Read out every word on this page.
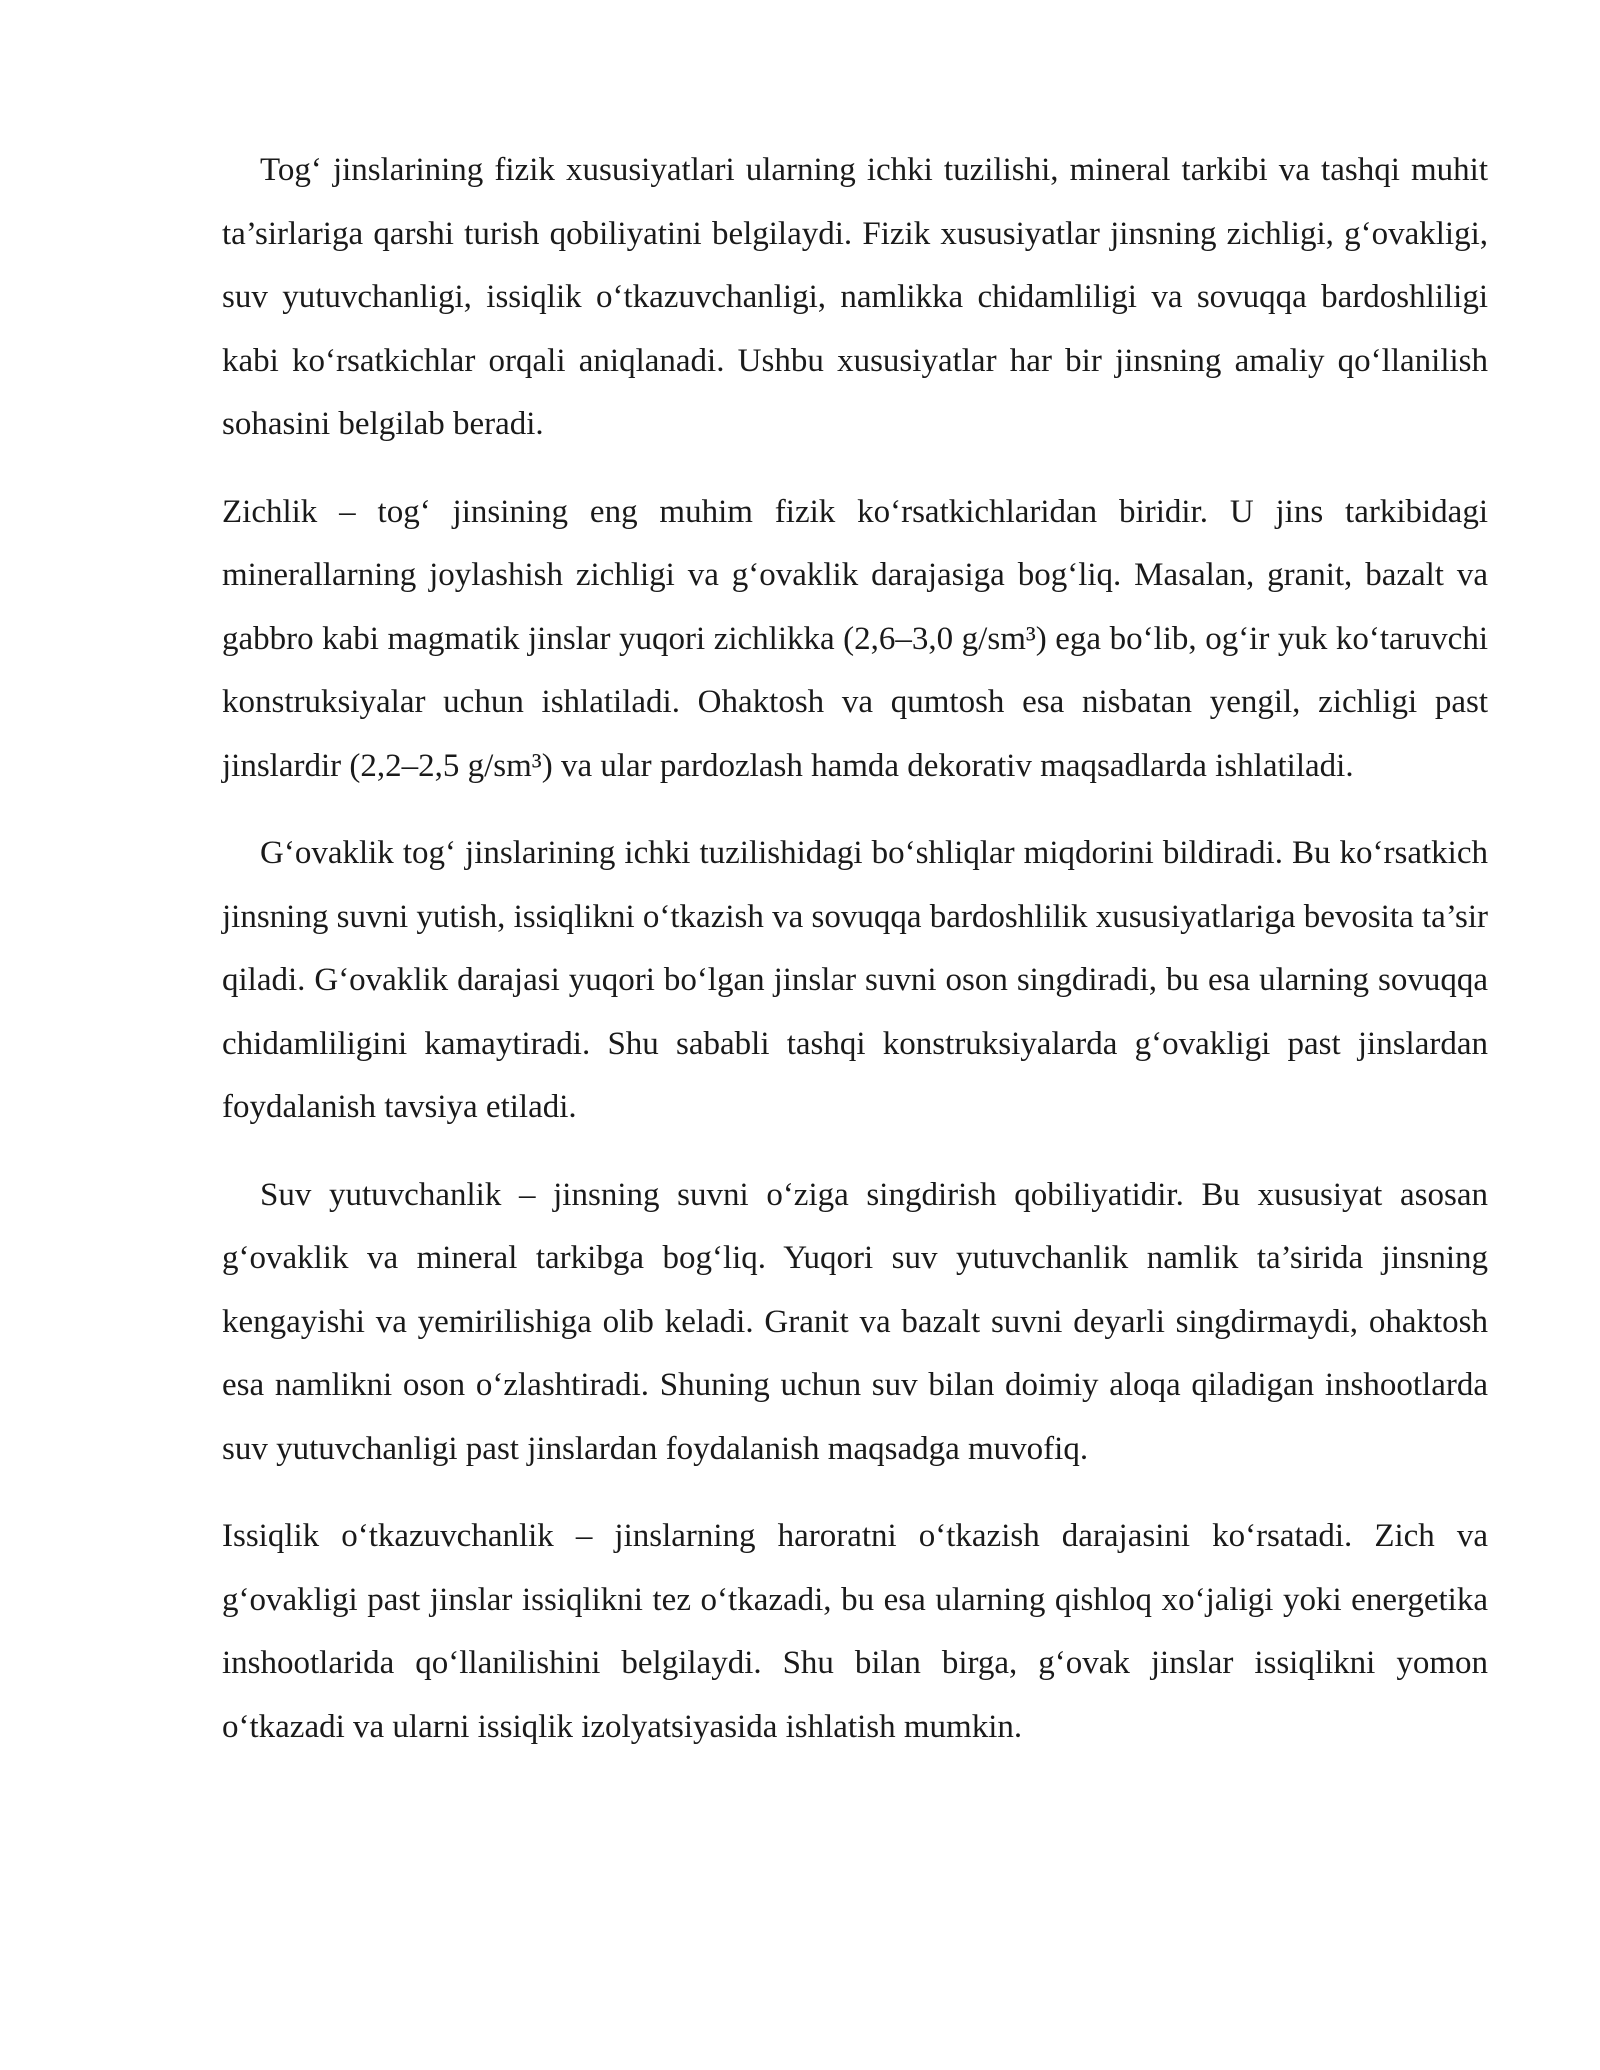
Tog‘ jinslarining fizik xususiyatlari ularning ichki tuzilishi, mineral tarkibi va tashqi muhit ta’sirlariga qarshi turish qobiliyatini belgilaydi. Fizik xususiyatlar jinsning zichligi, g‘ovakligi, suv yutuvchanligi, issiqlik o‘tkazuvchanligi, namlikka chidamliligi va sovuqqa bardoshliligi kabi ko‘rsatkichlar orqali aniqlanadi. Ushbu xususiyatlar har bir jinsning amaliy qo‘llanilish sohasini belgilab beradi.

Zichlik – tog‘ jinsining eng muhim fizik ko‘rsatkichlaridan biridir. U jins tarkibidagi minerallarning joylashish zichligi va g‘ovaklik darajasiga bog‘liq. Masalan, granit, bazalt va gabbro kabi magmatik jinslar yuqori zichlikka (2,6–3,0 g/sm³) ega bo‘lib, og‘ir yuk ko‘taruvchi konstruksiyalar uchun ishlatiladi. Ohaktosh va qumtosh esa nisbatan yengil, zichligi past jinslardir (2,2–2,5 g/sm³) va ular pardozlash hamda dekorativ maqsadlarda ishlatiladi.

G‘ovaklik tog‘ jinslarining ichki tuzilishidagi bo‘shliqlar miqdorini bildiradi. Bu ko‘rsatkich jinsning suvni yutish, issiqlikni o‘tkazish va sovuqqa bardoshlilik xususiyatlariga bevosita ta’sir qiladi. G‘ovaklik darajasi yuqori bo‘lgan jinslar suvni oson singdiradi, bu esa ularning sovuqqa chidamliligini kamaytiradi. Shu sababli tashqi konstruksiyalarda g‘ovakligi past jinslardan foydalanish tavsiya etiladi.

Suv yutuvchanlik – jinsning suvni o‘ziga singdirish qobiliyatidir. Bu xususiyat asosan g‘ovaklik va mineral tarkibga bog‘liq. Yuqori suv yutuvchanlik namlik ta’sirida jinsning kengayishi va yemirilishiga olib keladi. Granit va bazalt suvni deyarli singdirmaydi, ohaktosh esa namlikni oson o‘zlashtiradi. Shuning uchun suv bilan doimiy aloqa qiladigan inshootlarda suv yutuvchanligi past jinslardan foydalanish maqsadga muvofiq.

Issiqlik o‘tkazuvchanlik – jinslarning haroratni o‘tkazish darajasini ko‘rsatadi. Zich va g‘ovakligi past jinslar issiqlikni tez o‘tkazadi, bu esa ularning qishloq xo‘jaligi yoki energetika inshootlarida qo‘llanilishini belgilaydi. Shu bilan birga, g‘ovak jinslar issiqlikni yomon o‘tkazadi va ularni issiqlik izolyatsiyasida ishlatish mumkin.
